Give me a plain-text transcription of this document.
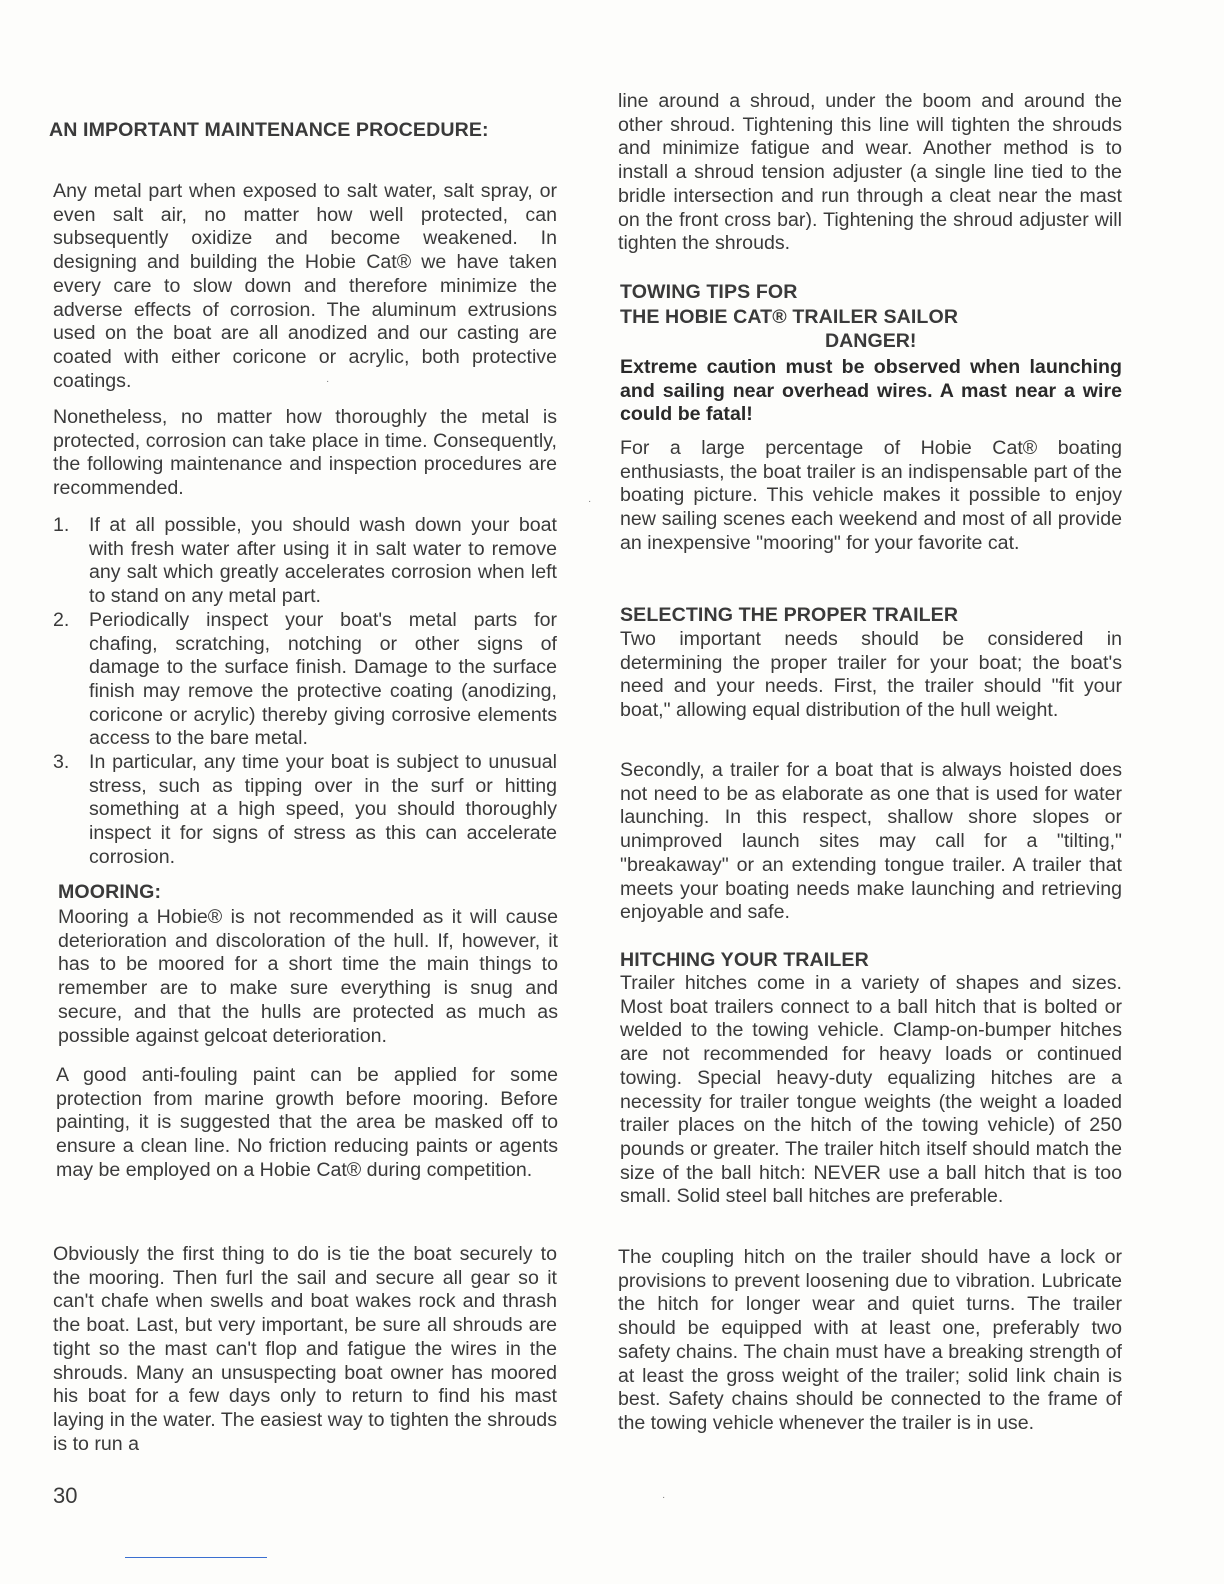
AN IMPORTANT MAINTENANCE PROCEDURE:

Any metal part when exposed to salt water, salt spray, or even salt air, no matter how well protected, can subsequently oxidize and become weakened. In designing and building the Hobie Cat® we have taken every care to slow down and therefore minimize the adverse effects of corrosion. The aluminum extrusions used on the boat are all anodized and our casting are coated with either coricone or acrylic, both protective coatings.

Nonetheless, no matter how thoroughly the metal is protected, corrosion can take place in time. Consequently, the following maintenance and inspection procedures are recommended.

1.	If at all possible, you should wash down your boat with fresh water after using it in salt water to remove any salt which greatly accelerates corrosion when left to stand on any metal part.
2.	Periodically inspect your boat's metal parts for chafing, scratching, notching or other signs of damage to the surface finish. Damage to the surface finish may remove the protective coating (anodizing, coricone or acrylic) thereby giving corrosive elements access to the bare metal.
3.	In particular, any time your boat is subject to unusual stress, such as tipping over in the surf or hitting something at a high speed, you should thoroughly inspect it for signs of stress as this can accelerate corrosion.
MOORING:

Mooring a Hobie® is not recommended as it will cause deterioration and discoloration of the hull. If, however, it has to be moored for a short time the main things to remember are to make sure everything is snug and secure, and that the hulls are protected as much as possible against gelcoat deterioration.

A good anti-fouling paint can be applied for some protection from marine growth before mooring. Before painting, it is suggested that the area be masked off to ensure a clean line. No friction reducing paints or agents may be employed on a Hobie Cat® during competition.

Obviously the first thing to do is tie the boat securely to the mooring. Then furl the sail and secure all gear so it can't chafe when swells and boat wakes rock and thrash the boat. Last, but very important, be sure all shrouds are tight so the mast can't flop and fatigue the wires in the shrouds. Many an unsuspecting boat owner has moored his boat for a few days only to return to find his mast laying in the water. The easiest way to tighten the shrouds is to run a

line around a shroud, under the boom and around the other shroud. Tightening this line will tighten the shrouds and minimize fatigue and wear. Another method is to install a shroud tension adjuster (a single line tied to the bridle intersection and run through a cleat near the mast on the front cross bar). Tightening the shroud adjuster will tighten the shrouds.

TOWING TIPS FOR
THE HOBIE CAT® TRAILER SAILOR
DANGER!

Extreme caution must be observed when launching and sailing near overhead wires. A mast near a wire could be fatal!

For a large percentage of Hobie Cat® boating enthusiasts, the boat trailer is an indispensable part of the boating picture. This vehicle makes it possible to enjoy new sailing scenes each weekend and most of all provide an inexpensive "mooring" for your favorite cat.

SELECTING THE PROPER TRAILER

Two important needs should be considered in determining the proper trailer for your boat; the boat's need and your needs. First, the trailer should "fit your boat," allowing equal distribution of the hull weight.

Secondly, a trailer for a boat that is always hoisted does not need to be as elaborate as one that is used for water launching. In this respect, shallow shore slopes or unimproved launch sites may call for a "tilting," "breakaway" or an extending tongue trailer. A trailer that meets your boating needs make launching and retrieving enjoyable and safe.

HITCHING YOUR TRAILER

Trailer hitches come in a variety of shapes and sizes. Most boat trailers connect to a ball hitch that is bolted or welded to the towing vehicle. Clamp-on-bumper hitches are not recommended for heavy loads or continued towing. Special heavy-duty equalizing hitches are a necessity for trailer tongue weights (the weight a loaded trailer places on the hitch of the towing vehicle) of 250 pounds or greater. The trailer hitch itself should match the size of the ball hitch: NEVER use a ball hitch that is too small. Solid steel ball hitches are preferable.

The coupling hitch on the trailer should have a lock or provisions to prevent loosening due to vibration. Lubricate the hitch for longer wear and quiet turns. The trailer should be equipped with at least one, preferably two safety chains. The chain must have a breaking strength of at least the gross weight of the trailer; solid link chain is best. Safety chains should be connected to the frame of the towing vehicle whenever the trailer is in use.

30

·
·
·
